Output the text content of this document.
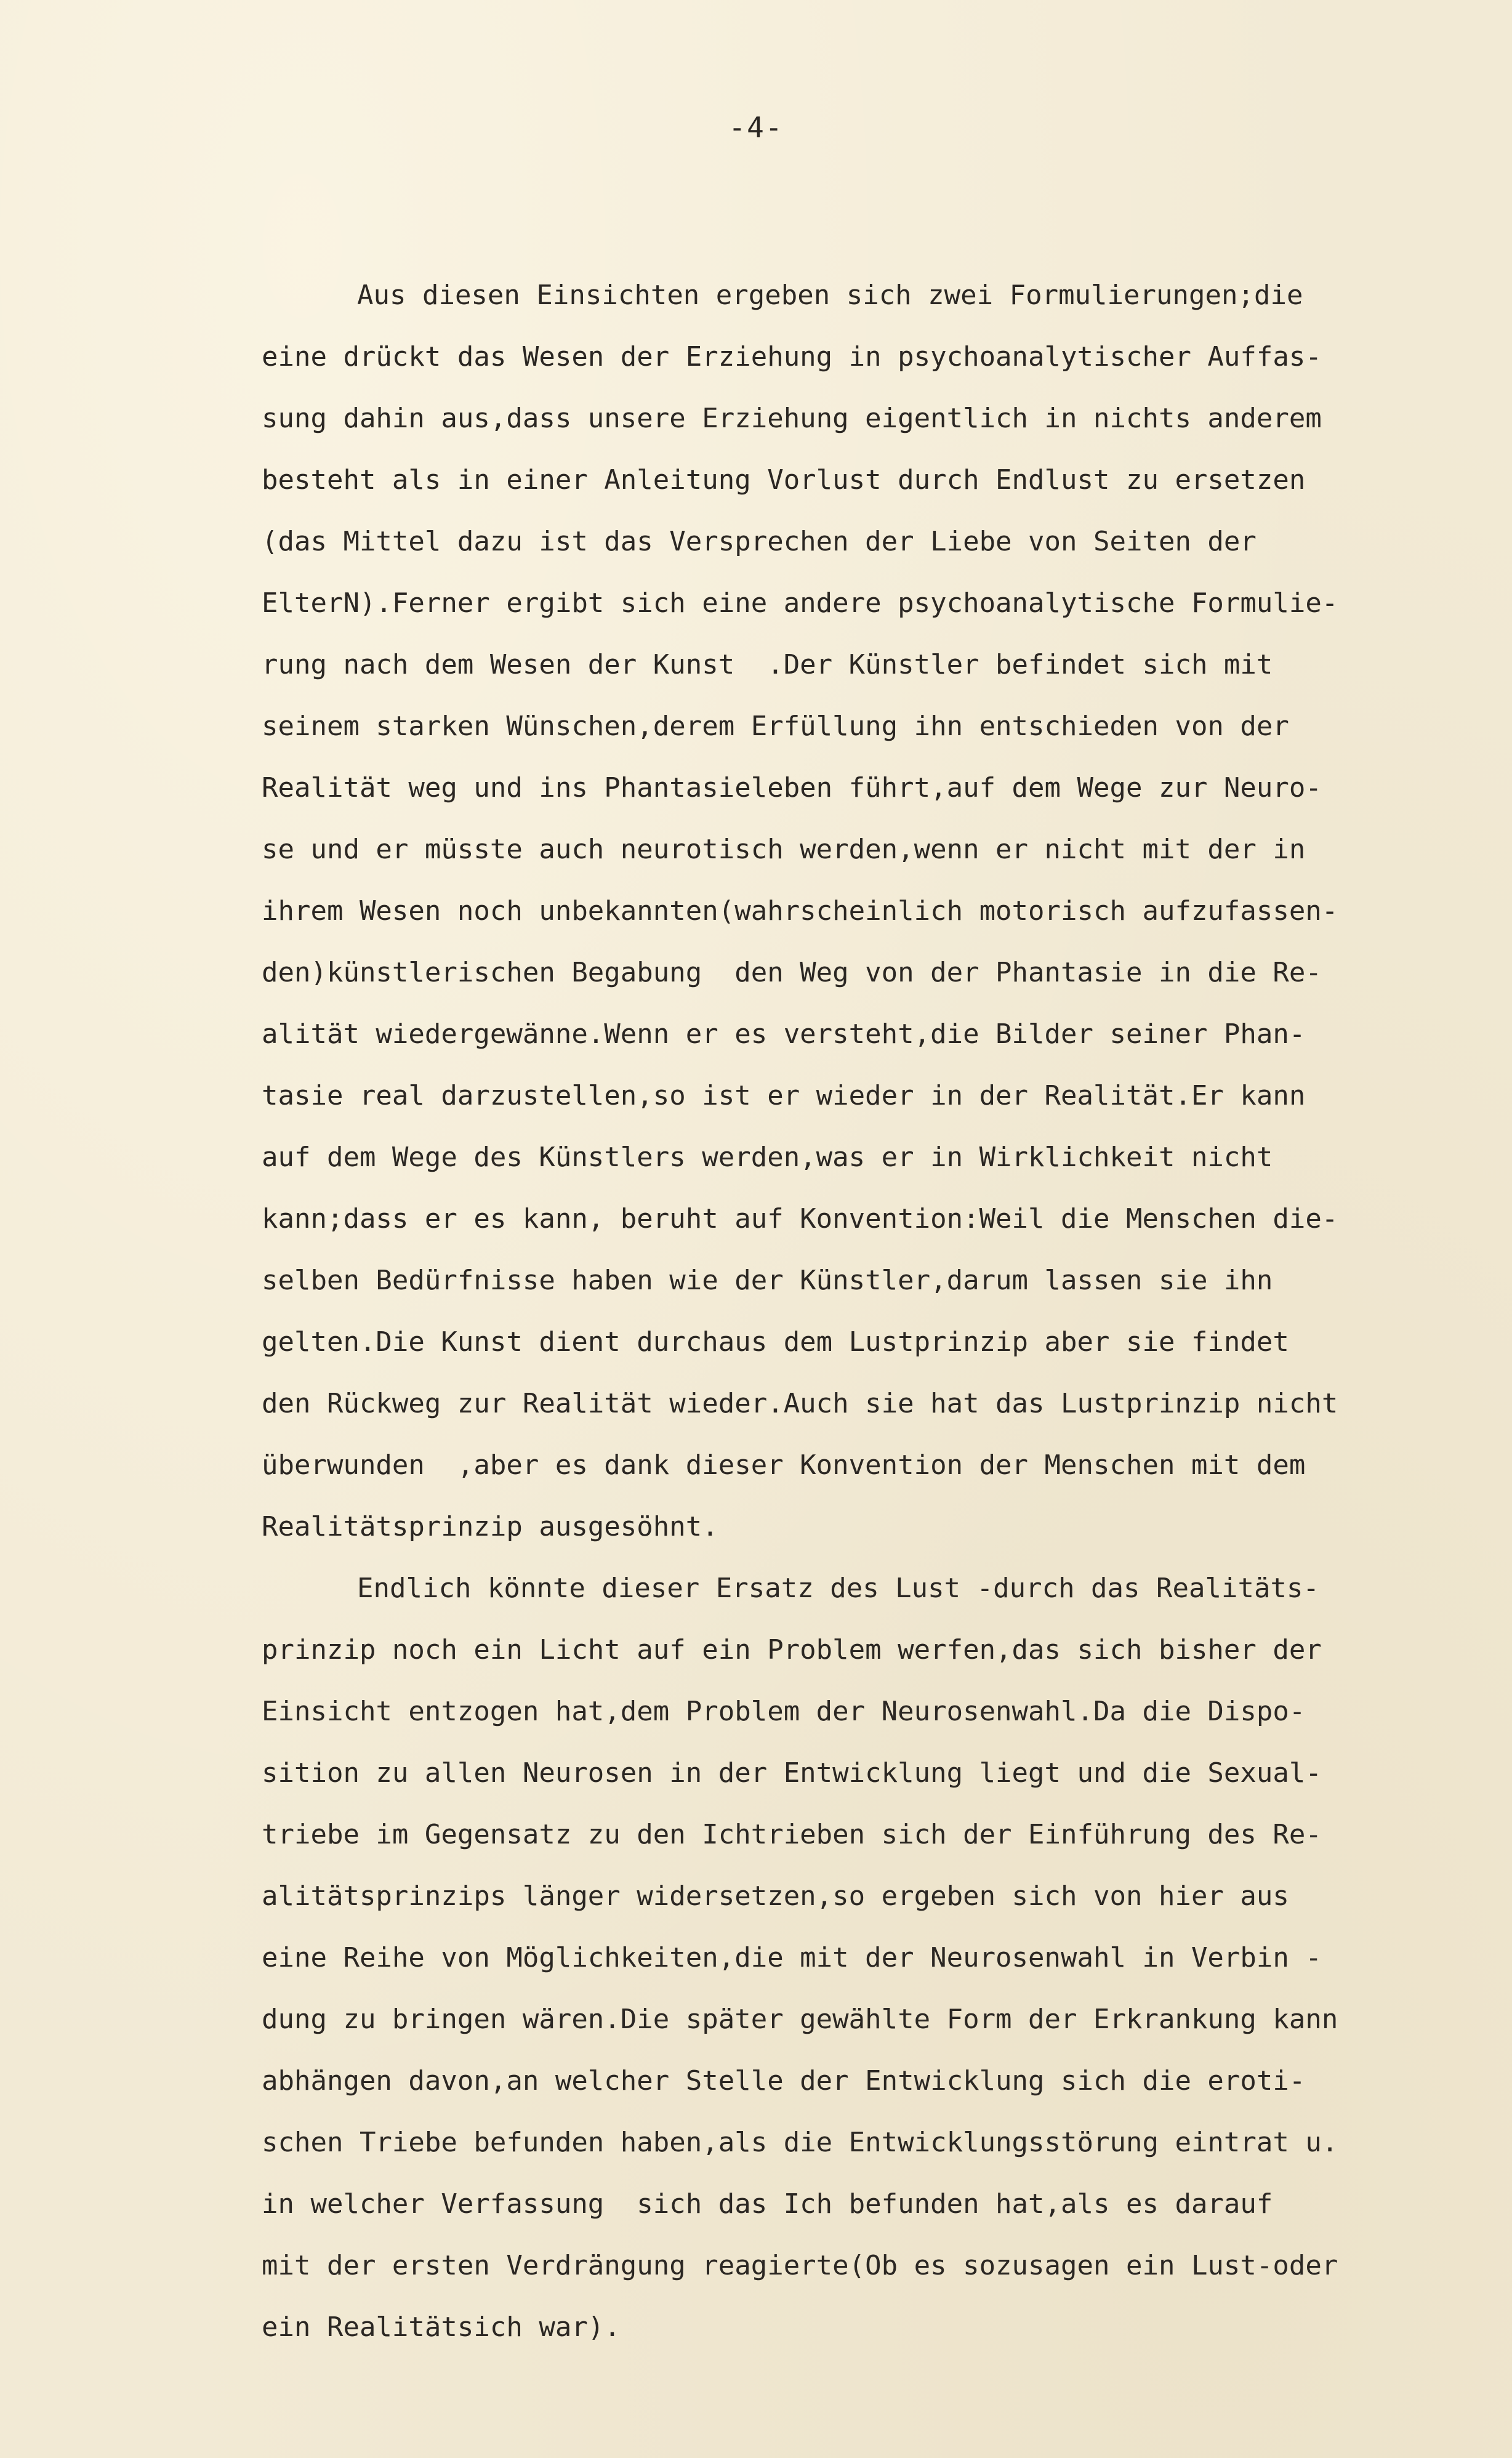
-4-
Aus diesen Einsichten ergeben sich zwei Formulierungen;die
eine drückt das Wesen der Erziehung in psychoanalytischer Auffas-
sung dahin aus,dass unsere Erziehung eigentlich in nichts anderem
besteht als in einer Anleitung Vorlust durch Endlust zu ersetzen
(das Mittel dazu ist das Versprechen der Liebe von Seiten der
ElterN).Ferner ergibt sich eine andere psychoanalytische Formulie-
rung nach dem Wesen der Kunst  .Der Künstler befindet sich mit
seinem starken Wünschen,derem Erfüllung ihn entschieden von der
Realität weg und ins Phantasieleben führt,auf dem Wege zur Neuro-
se und er müsste auch neurotisch werden,wenn er nicht mit der in
ihrem Wesen noch unbekannten(wahrscheinlich motorisch aufzufassen-
den)künstlerischen Begabung  den Weg von der Phantasie in die Re-
alität wiedergewänne.Wenn er es versteht,die Bilder seiner Phan-
tasie real darzustellen,so ist er wieder in der Realität.Er kann
auf dem Wege des Künstlers werden,was er in Wirklichkeit nicht
kann;dass er es kann, beruht auf Konvention:Weil die Menschen die-
selben Bedürfnisse haben wie der Künstler,darum lassen sie ihn
gelten.Die Kunst dient durchaus dem Lustprinzip aber sie findet
den Rückweg zur Realität wieder.Auch sie hat das Lustprinzip nicht
überwunden  ,aber es dank dieser Konvention der Menschen mit dem
Realitätsprinzip ausgesöhnt.
Endlich könnte dieser Ersatz des Lust -durch das Realitäts-
prinzip noch ein Licht auf ein Problem werfen,das sich bisher der
Einsicht entzogen hat,dem Problem der Neurosenwahl.Da die Dispo-
sition zu allen Neurosen in der Entwicklung liegt und die Sexual-
triebe im Gegensatz zu den Ichtrieben sich der Einführung des Re-
alitätsprinzips länger widersetzen,so ergeben sich von hier aus
eine Reihe von Möglichkeiten,die mit der Neurosenwahl in Verbin -
dung zu bringen wären.Die später gewählte Form der Erkrankung kann
abhängen davon,an welcher Stelle der Entwicklung sich die eroti-
schen Triebe befunden haben,als die Entwicklungsstörung eintrat u.
in welcher Verfassung  sich das Ich befunden hat,als es darauf
mit der ersten Verdrängung reagierte(Ob es sozusagen ein Lust-oder
ein Realitätsich war).
